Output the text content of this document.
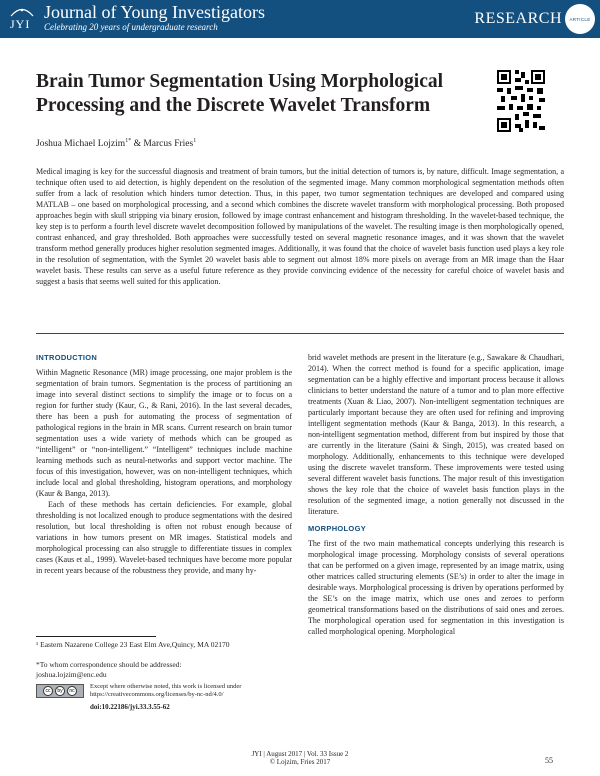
JYI
Journal of Young Investigators
Celebrating 20 years of undergraduate research	RESEARCH ARTICLE
Brain Tumor Segmentation Using Morphological Processing and the Discrete Wavelet Transform
Joshua Michael Lojzim$^{1*}$ & Marcus Fries$^1$

Medical imaging is key for the successful diagnosis and treatment of brain tumors, but the initial detection of tumors is, by nature, difficult. Image segmentation, a technique often used to aid detection, is highly dependent on the resolution of the segmented image. Many common morphological segmentation methods often suffer from a lack of resolution which hinders tumor detection. Thus, in this paper, two tumor segmentation techniques are developed and compared using MATLAB – one based on morphological processing, and a second which combines the discrete wavelet transform with morphological processing. Both proposed approaches begin with skull stripping via binary erosion, followed by image contrast enhancement and histogram thresholding. In the wavelet-based technique, the key step is to perform a fourth level discrete wavelet decomposition followed by manipulations of the wavelet. The resulting image is then morphologically opened, contrast enhanced, and gray thresholded. Both approaches were successfully tested on several magnetic resonance images, and it was shown that the wavelet transform method generally produces higher resolution segmented images. Additionally, it was found that the choice of wavelet basis function used plays a key role in the resolution of segmentation, with the Symlet 20 wavelet basis able to segment out almost 18% more pixels on average from an MR image than the Haar wavelet basis. These results can serve as a useful future reference as they provide convincing evidence of the necessity for careful choice of wavelet basis and suggest a basis that seems well suited for this application.

INTRODUCTION

Within Magnetic Resonance (MR) image processing, one major problem is the segmentation of brain tumors. Segmentation is the process of partitioning an image into several distinct sections to simplify the image or to focus on a region for further study (Kaur, G., & Rani, 2016). In the last several decades, there has been a push for automating the process of segmentation of pathological regions in the brain in MR scans. Current research on brain tumor segmentation uses a wide variety of methods which can be grouped as “intelligent” or “non-intelligent.” “Intelligent” techniques include machine learning methods such as neural-networks and support vector machine. The focus of this investigation, however, was on non-intelligent techniques, which include local and global thresholding, histogram operations, and morphology (Kaur & Banga, 2013).

Each of these methods has certain deficiencies. For example, global thresholding is not localized enough to produce segmentations with the desired resolution, but local thresholding is often not robust enough because of variations in how tumors present on MR images. Statistical models and morphological processing can also struggle to differentiate tissues in complex cases (Kaus et al., 1999). Wavelet-based techniques have become more popular in recent years because of the robustness they provide, and many hy-

brid wavelet methods are present in the literature (e.g., Sawakare & Chaudhari, 2014). When the correct method is found for a specific application, image segmentation can be a highly effective and important process because it allows clinicians to better understand the nature of a tumor and to plan more effective treatments (Xuan & Liao, 2007). Non-intelligent segmentation techniques are particularly important because they are often used for refining and improving intelligent segmentation methods (Kaur & Banga, 2013). In this research, a non-intelligent segmentation method, different from but inspired by those that are currently in the literature (Saini & Singh, 2015), was created based on morphology. Additionally, enhancements to this technique were developed using the discrete wavelet transform. These improvements were tested using several different wavelet basis functions. The major result of this investigation shows the key role that the choice of wavelet basis function plays in the resolution of the segmented image, a notion generally not discussed in the literature.

MORPHOLOGY

The first of the two main mathematical concepts underlying this research is morphological image processing. Morphology consists of several operations that can be performed on a given image, represented by an image matrix, using other matrices called structuring elements (SE’s) in order to alter the image in desirable ways. Morphological processing is driven by operations performed by the SE’s on the image matrix, which use ones and zeroes to perform geometrical transformations based on the distributions of said ones and zeroes. The morphological operation used for segmentation in this investigation is called morphological opening. Morphological

¹ Eastern Nazarene College 23 East Elm Ave,Quincy, MA 02170
*To whom correspondence should be addressed:
joshua.lojzim@enc.edu
cc	by	nc
Except where otherwise noted, this work is licensed under
https://creativecommons.org/licenses/by-nc-nd/4.0/
doi:10.22186/jyi.33.3.55-62
JYI | August 2017 | Vol. 33 Issue 2
© Lojzim, Fries 2017	55
